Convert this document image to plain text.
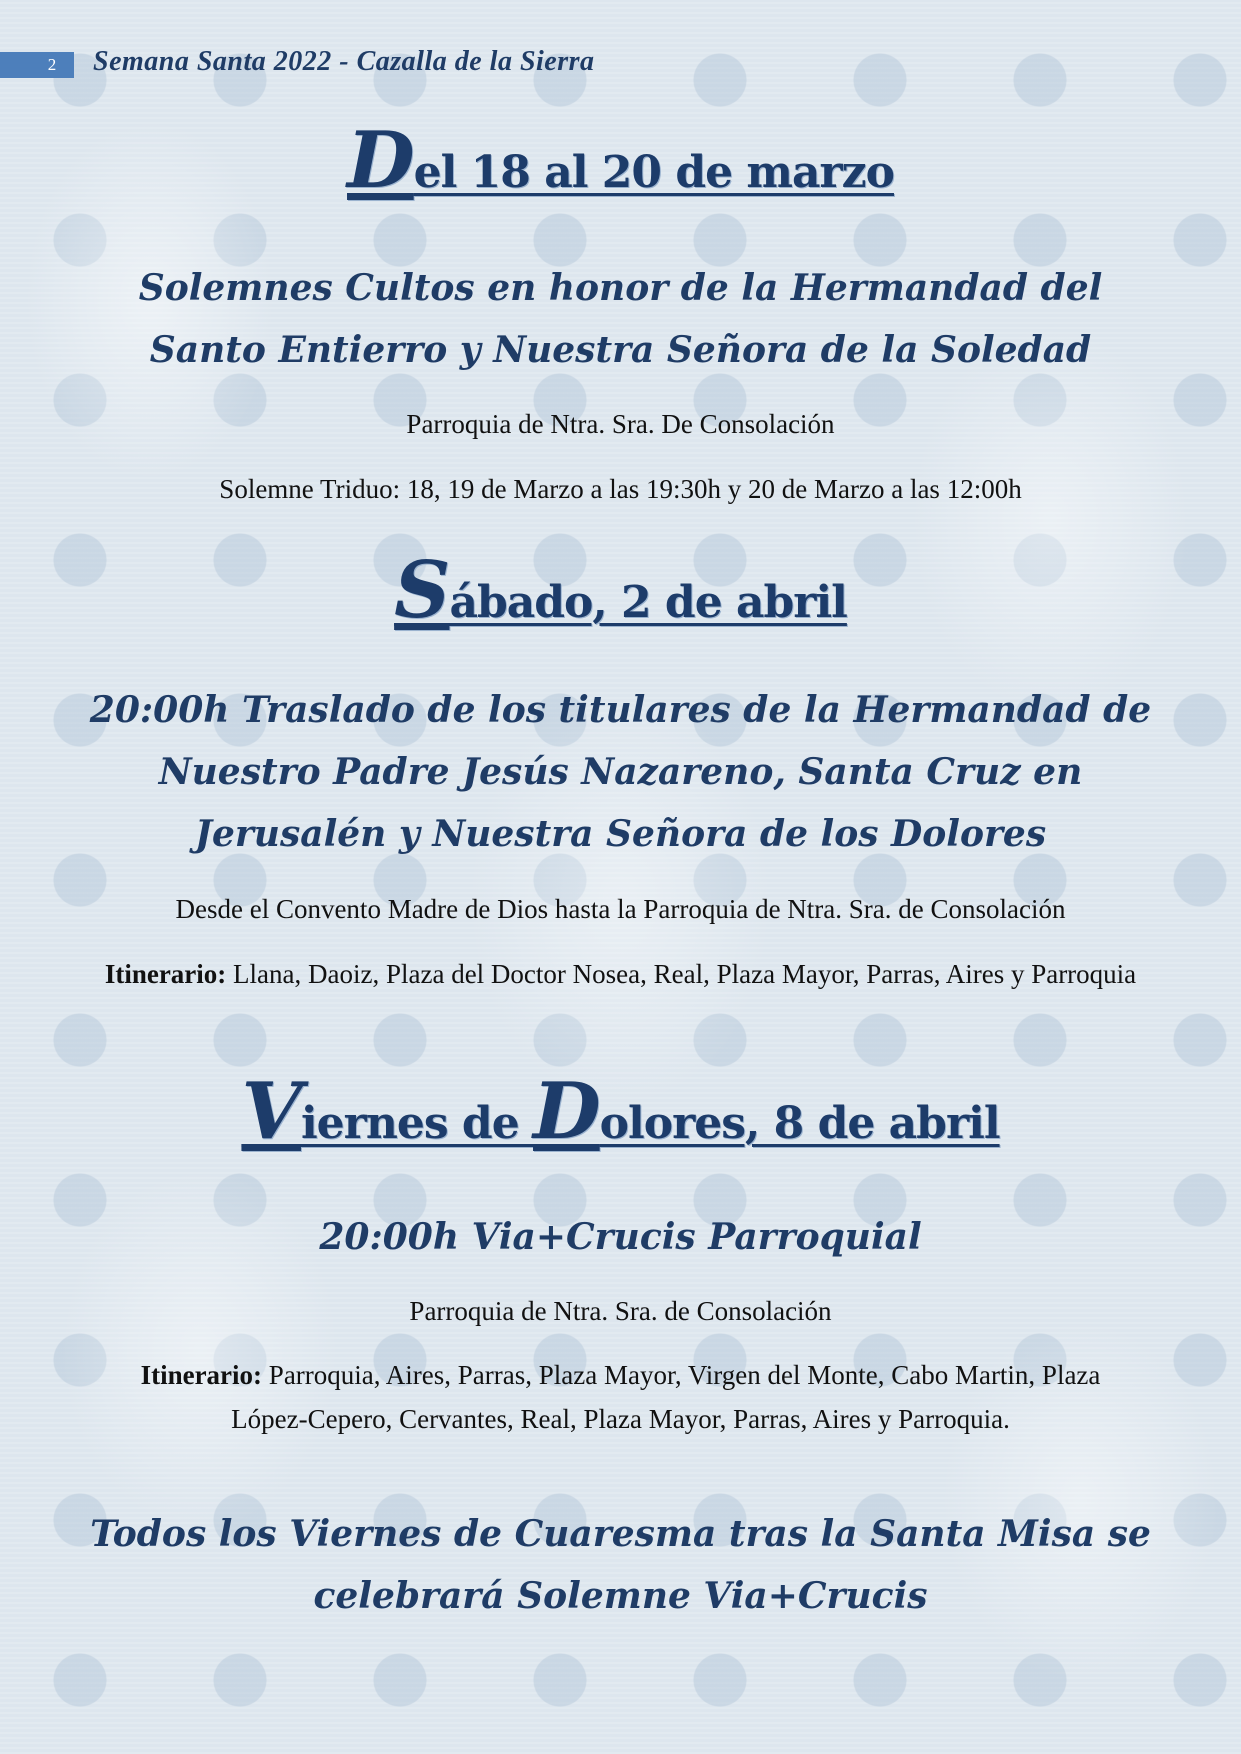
2	Semana Santa 2022 - Cazalla de la Sierra
Del 18 al 20 de marzo
Solemnes Cultos en honor de la Hermandad del Santo Entierro y Nuestra Señora de la Soledad
Parroquia de Ntra. Sra. De Consolación
Solemne Triduo: 18, 19 de Marzo a las 19:30h y 20 de Marzo a las 12:00h
Sábado, 2 de abril
20:00h Traslado de los titulares de la Hermandad de Nuestro Padre Jesús Nazareno, Santa Cruz en Jerusalén y Nuestra Señora de los Dolores
Desde el Convento Madre de Dios hasta la Parroquia de Ntra. Sra. de Consolación
Itinerario: Llana, Daoiz, Plaza del Doctor Nosea, Real, Plaza Mayor, Parras, Aires y Parroquia
Viernes de Dolores, 8 de abril
20:00h Via+Crucis Parroquial
Parroquia de Ntra. Sra. de Consolación
Itinerario: Parroquia, Aires, Parras, Plaza Mayor, Virgen del Monte, Cabo Martin, Plaza López-Cepero, Cervantes, Real, Plaza Mayor, Parras, Aires y Parroquia.
Todos los Viernes de Cuaresma tras la Santa Misa se celebrará Solemne Via+Crucis
